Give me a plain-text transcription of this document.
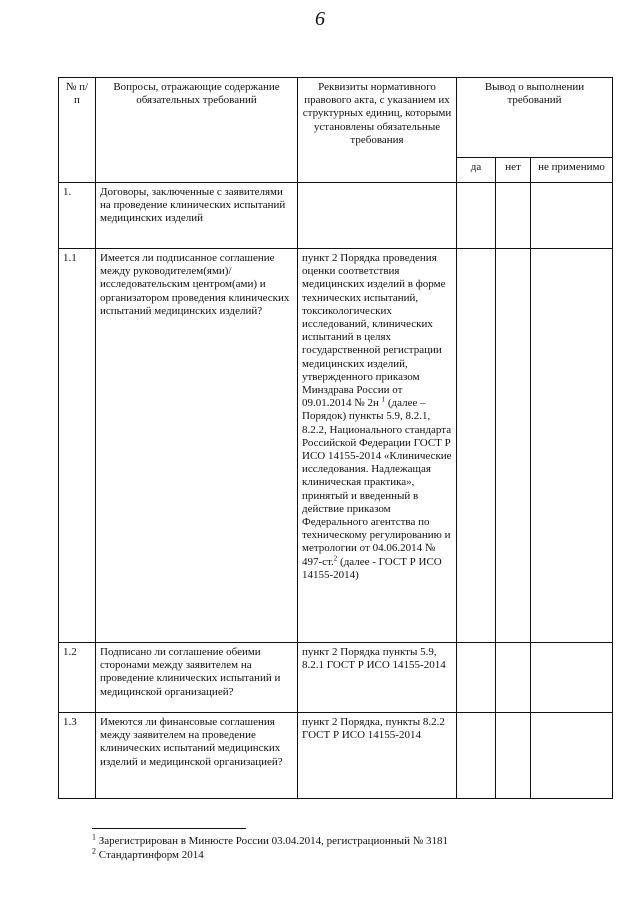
6
№ п/п	Вопросы, отражающие содержание обязательных требований	Реквизиты нормативного правового акта, с указанием их структурных единиц, которыми установлены обязательные требования	Вывод о выполнении требований		
			да	нет	не применимо
1.	Договоры, заключенные с заявителями на проведение клинических испытаний медицинских изделий				
1.1	Имеется ли подписанное соглашение между руководителем(ями)/ исследовательским центром(ами) и организатором проведения клинических испытаний медицинских изделий?	пункт 2 Порядка проведения оценки соответствия медицинских изделий в форме технических испытаний, токсикологических исследований, клинических испытаний в целях государственной регистрации медицинских изделий, утвержденного приказом Минздрава России от 09.01.2014 № 2н $^1$ (далее – Порядок) пункты 5.9, 8.2.1, 8.2.2, Национального стандарта Российской Федерации ГОСТ Р ИСО 14155-2014 «Клинические исследования. Надлежащая клиническая практика», принятый и введенный в действие приказом Федерального агентства по техническому регулированию и метрологии от 04.06.2014 № 497-ст.$^2$ (далее - ГОСТ Р ИСО 14155-2014)			
1.2	Подписано ли соглашение обеими сторонами между заявителем на проведение клинических испытаний и медицинской организацией?	пункт 2 Порядка пункты 5.9, 8.2.1 ГОСТ Р ИСО 14155-2014			
1.3	Имеются ли финансовые соглашения между заявителем на проведение клинических испытаний медицинских изделий и медицинской организацией?	пункт 2 Порядка, пункты 8.2.2 ГОСТ Р ИСО 14155-2014			
$^1$ Зарегистрирован в Минюсте России 03.04.2014, регистрационный № 3181
$^2$ Стандартинформ 2014
